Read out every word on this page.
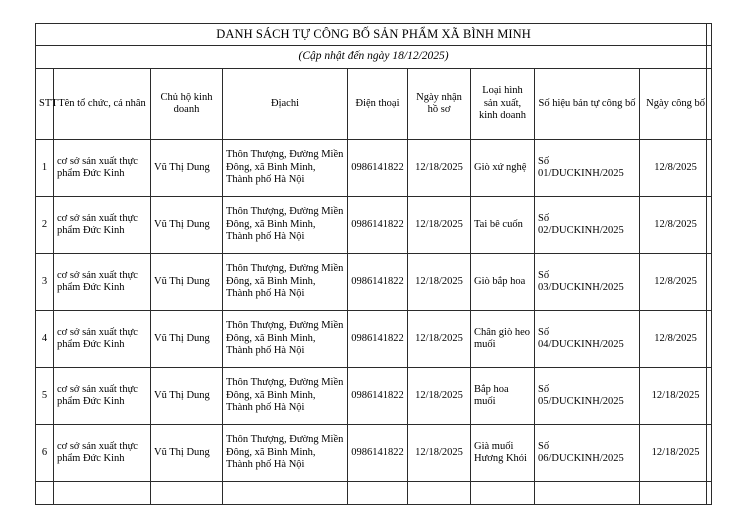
DANH SÁCH TỰ CÔNG BỐ SẢN PHẨM XÃ BÌNH MINH								
(Cập nhật đến ngày 18/12/2025)								
STT	Tên tổ chức, cá nhân	Chủ hộ kinh doanh	Địachi	Điện thoại	Ngày nhận hồ sơ	Loại hình sản xuất, kinh doanh	Số hiệu bản tự công bố	Ngày công bố
1	cơ sở sản xuất thực phẩm Đức Kinh	Vũ Thị Dung	Thôn Thượng, Đường Miền Đông, xã Bình Minh, Thành phố Hà Nội	0986141822	12/18/2025	Giò xứ nghệ	Số 01/DUCKINH/2025	12/8/2025
2	cơ sở sản xuất thực phẩm Đức Kinh	Vũ Thị Dung	Thôn Thượng, Đường Miền Đông, xã Bình Minh, Thành phố Hà Nội	0986141822	12/18/2025	Tai bê cuốn	Số 02/DUCKINH/2025	12/8/2025
3	cơ sở sản xuất thực phẩm Đức Kinh	Vũ Thị Dung	Thôn Thượng, Đường Miền Đông, xã Bình Minh, Thành phố Hà Nội	0986141822	12/18/2025	Giò bắp hoa	Số 03/DUCKINH/2025	12/8/2025
4	cơ sở sản xuất thực phẩm Đức Kinh	Vũ Thị Dung	Thôn Thượng, Đường Miền Đông, xã Bình Minh, Thành phố Hà Nội	0986141822	12/18/2025	Chân giò heo muối	Số 04/DUCKINH/2025	12/8/2025
5	cơ sở sản xuất thực phẩm Đức Kinh	Vũ Thị Dung	Thôn Thượng, Đường Miền Đông, xã Bình Minh, Thành phố Hà Nội	0986141822	12/18/2025	Bắp hoa muối	Số 05/DUCKINH/2025	12/18/2025
6	cơ sở sản xuất thực phẩm Đức Kinh	Vũ Thị Dung	Thôn Thượng, Đường Miền Đông, xã Bình Minh, Thành phố Hà Nội	0986141822	12/18/2025	Già muối Hương Khói	Số 06/DUCKINH/2025	12/18/2025
